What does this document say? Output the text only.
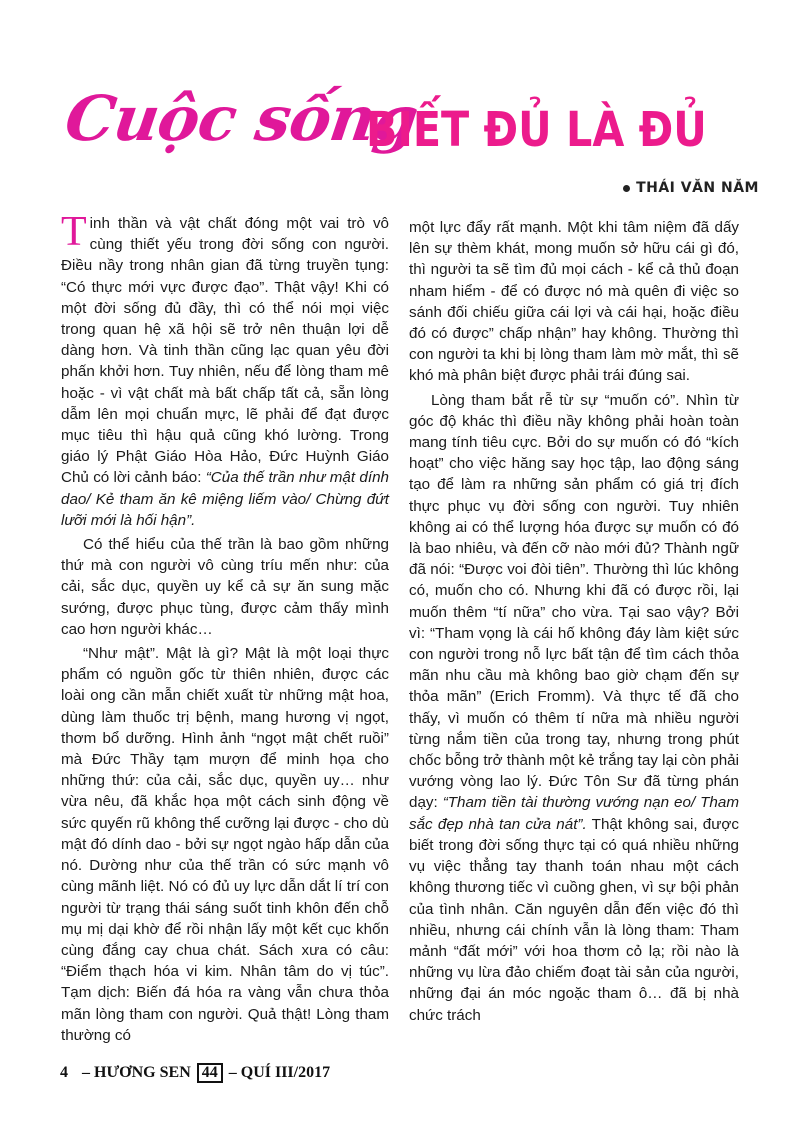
Cuộc sống
BIẾT ĐỦ LÀ ĐỦ
THÁI VĂN NĂM

Tinh thần và vật chất đóng một vai trò vô cùng thiết yếu trong đời sống con người. Điều nầy trong nhân gian đã từng truyền tụng: “Có thực mới vực được đạo”. Thật vậy! Khi có một đời sống đủ đầy, thì có thể nói mọi việc trong quan hệ xã hội sẽ trở nên thuận lợi dễ dàng hơn. Và tinh thần cũng lạc quan yêu đời phấn khởi hơn. Tuy nhiên, nếu để lòng tham mê hoặc - vì vật chất mà bất chấp tất cả, sẵn lòng dẫm lên mọi chuẩn mực, lẽ phải để đạt được mục tiêu thì hậu quả cũng khó lường. Trong giáo lý Phật Giáo Hòa Hảo, Đức Huỳnh Giáo Chủ có lời cảnh báo: “Của thế trần như mật dính dao/ Kẻ tham ăn kê miệng liếm vào/ Chừng đứt lưỡi mới là hối hận”.

Có thể hiểu của thế trần là bao gồm những thứ mà con người vô cùng tríu mến như: của cải, sắc dục, quyền uy kể cả sự ăn sung mặc sướng, được phục tùng, được cảm thấy mình cao hơn người khác…

“Như mật”. Mật là gì? Mật là một loại thực phẩm có nguồn gốc từ thiên nhiên, được các loài ong cần mẫn chiết xuất từ những mật hoa, dùng làm thuốc trị bệnh, mang hương vị ngọt, thơm bổ dưỡng. Hình ảnh “ngọt mật chết ruồi” mà Đức Thầy tạm mượn để minh họa cho những thứ: của cải, sắc dục, quyền uy… như vừa nêu, đã khắc họa một cách sinh động về sức quyến rũ không thể cưỡng lại được - cho dù mật đó dính dao - bởi sự ngọt ngào hấp dẫn của nó. Dường như của thế trần có sức mạnh vô cùng mãnh liệt. Nó có đủ uy lực dẫn dắt lí trí con người từ trạng thái sáng suốt tinh khôn đến chỗ mụ mị dại khờ để rồi nhận lấy một kết cục khốn cùng đắng cay chua chát. Sách xưa có câu: “Điểm thạch hóa vi kim. Nhân tâm do vị túc”. Tạm dịch: Biến đá hóa ra vàng vẫn chưa thỏa mãn lòng tham con người. Quả thật! Lòng tham thường có

một lực đẩy rất mạnh. Một khi tâm niệm đã dấy lên sự thèm khát, mong muốn sở hữu cái gì đó, thì người ta sẽ tìm đủ mọi cách - kể cả thủ đoạn nham hiểm - để có được nó mà quên đi việc so sánh đối chiếu giữa cái lợi và cái hại, hoặc điều đó có được” chấp nhận” hay không. Thường thì con người ta khi bị lòng tham làm mờ mắt, thì sẽ khó mà phân biệt được phải trái đúng sai.

Lòng tham bắt rễ từ sự “muốn có”. Nhìn từ góc độ khác thì điều nầy không phải hoàn toàn mang tính tiêu cực. Bởi do sự muốn có đó “kích hoạt” cho việc hăng say học tập, lao động sáng tạo để làm ra những sản phẩm có giá trị đích thực phục vụ đời sống con người. Tuy nhiên không ai có thể lượng hóa được sự muốn có đó là bao nhiêu, và đến cỡ nào mới đủ? Thành ngữ đã nói: “Được voi đòi tiên”. Thường thì lúc không có, muốn cho có. Nhưng khi đã có được rồi, lại muốn thêm “tí nữa” cho vừa. Tại sao vậy? Bởi vì: “Tham vọng là cái hố không đáy làm kiệt sức con người trong nỗ lực bất tận để tìm cách thỏa mãn nhu cầu mà không bao giờ chạm đến sự thỏa mãn” (Erich Fromm). Và thực tế đã cho thấy, vì muốn có thêm tí nữa mà nhiều người từng nắm tiền của trong tay, nhưng trong phút chốc bỗng trở thành một kẻ trắng tay lại còn phải vướng vòng lao lý. Đức Tôn Sư đã từng phán dạy: “Tham tiền tài thường vướng nạn eo/ Tham sắc đẹp nhà tan cửa nát”. Thật không sai, được biết trong đời sống thực tại có quá nhiều những vụ việc thẳng tay thanh toán nhau một cách không thương tiếc vì cuồng ghen, vì sự bội phản của tình nhân. Căn nguyên dẫn đến việc đó thì nhiều, nhưng cái chính vẫn là lòng tham: Tham mảnh “đất mới” với hoa thơm cỏ lạ; rồi nào là những vụ lừa đảo chiếm đoạt tài sản của người, những đại án móc ngoặc tham ô… đã bị nhà chức trách

4 – HƯƠNG SEN 44 – QUÍ III/2017
